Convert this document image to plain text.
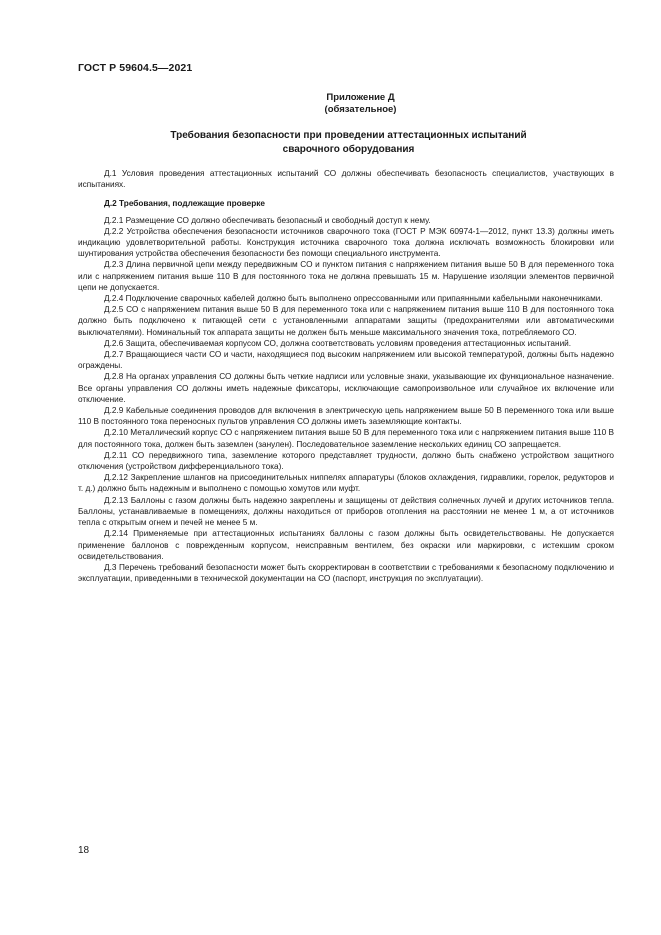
ГОСТ Р 59604.5—2021
Приложение Д
(обязательное)
Требования безопасности при проведении аттестационных испытаний
сварочного оборудования

Д.1 Условия проведения аттестационных испытаний СО должны обеспечивать безопасность специалистов, участвующих в испытаниях.

Д.2 Требования, подлежащие проверке

Д.2.1 Размещение СО должно обеспечивать безопасный и свободный доступ к нему.

Д.2.2 Устройства обеспечения безопасности источников сварочного тока (ГОСТ Р МЭК 60974-1—2012, пункт 13.3) должны иметь индикацию удовлетворительной работы. Конструкция источника сварочного тока должна исключать возможность блокировки или шунтирования устройства обеспечения безопасности без помощи специального инструмента.

Д.2.3 Длина первичной цепи между передвижным СО и пунктом питания с напряжением питания выше 50 В для переменного тока или с напряжением питания выше 110 В для постоянного тока не должна превышать 15 м. Нарушение изоляции элементов первичной цепи не допускается.

Д.2.4 Подключение сварочных кабелей должно быть выполнено опрессованными или припаянными кабельными наконечниками.

Д.2.5 СО с напряжением питания выше 50 В для переменного тока или с напряжением питания выше 110 В для постоянного тока должно быть подключено к питающей сети с установленными аппаратами защиты (предохранителями или автоматическими выключателями). Номинальный ток аппарата защиты не должен быть меньше максимального значения тока, потребляемого СО.

Д.2.6 Защита, обеспечиваемая корпусом СО, должна соответствовать условиям проведения аттестационных испытаний.

Д.2.7 Вращающиеся части СО и части, находящиеся под высоким напряжением или высокой температурой, должны быть надежно ограждены.

Д.2.8 На органах управления СО должны быть четкие надписи или условные знаки, указывающие их функциональное назначение. Все органы управления СО должны иметь надежные фиксаторы, исключающие самопроизвольное или случайное их включение или отключение.

Д.2.9 Кабельные соединения проводов для включения в электрическую цепь напряжением выше 50 В переменного тока или выше 110 В постоянного тока переносных пультов управления СО должны иметь заземляющие контакты.

Д.2.10 Металлический корпус СО с напряжением питания выше 50 В для переменного тока или с напряжением питания выше 110 В для постоянного тока, должен быть заземлен (занулен). Последовательное заземление нескольких единиц СО запрещается.

Д.2.11 СО передвижного типа, заземление которого представляет трудности, должно быть снабжено устройством защитного отключения (устройством дифференциального тока).

Д.2.12 Закрепление шлангов на присоединительных ниппелях аппаратуры (блоков охлаждения, гидравлики, горелок, редукторов и т. д.) должно быть надежным и выполнено с помощью хомутов или муфт.

Д.2.13 Баллоны с газом должны быть надежно закреплены и защищены от действия солнечных лучей и других источников тепла. Баллоны, устанавливаемые в помещениях, должны находиться от приборов отопления на расстоянии не менее 1 м, а от источников тепла с открытым огнем и печей не менее 5 м.

Д.2.14 Применяемые при аттестационных испытаниях баллоны с газом должны быть освидетельствованы. Не допускается применение баллонов с поврежденным корпусом, неисправным вентилем, без окраски или маркировки, с истекшим сроком освидетельствования.

Д.3 Перечень требований безопасности может быть скорректирован в соответствии с требованиями к безопасному подключению и эксплуатации, приведенными в технической документации на СО (паспорт, инструкция по эксплуатации).

18
